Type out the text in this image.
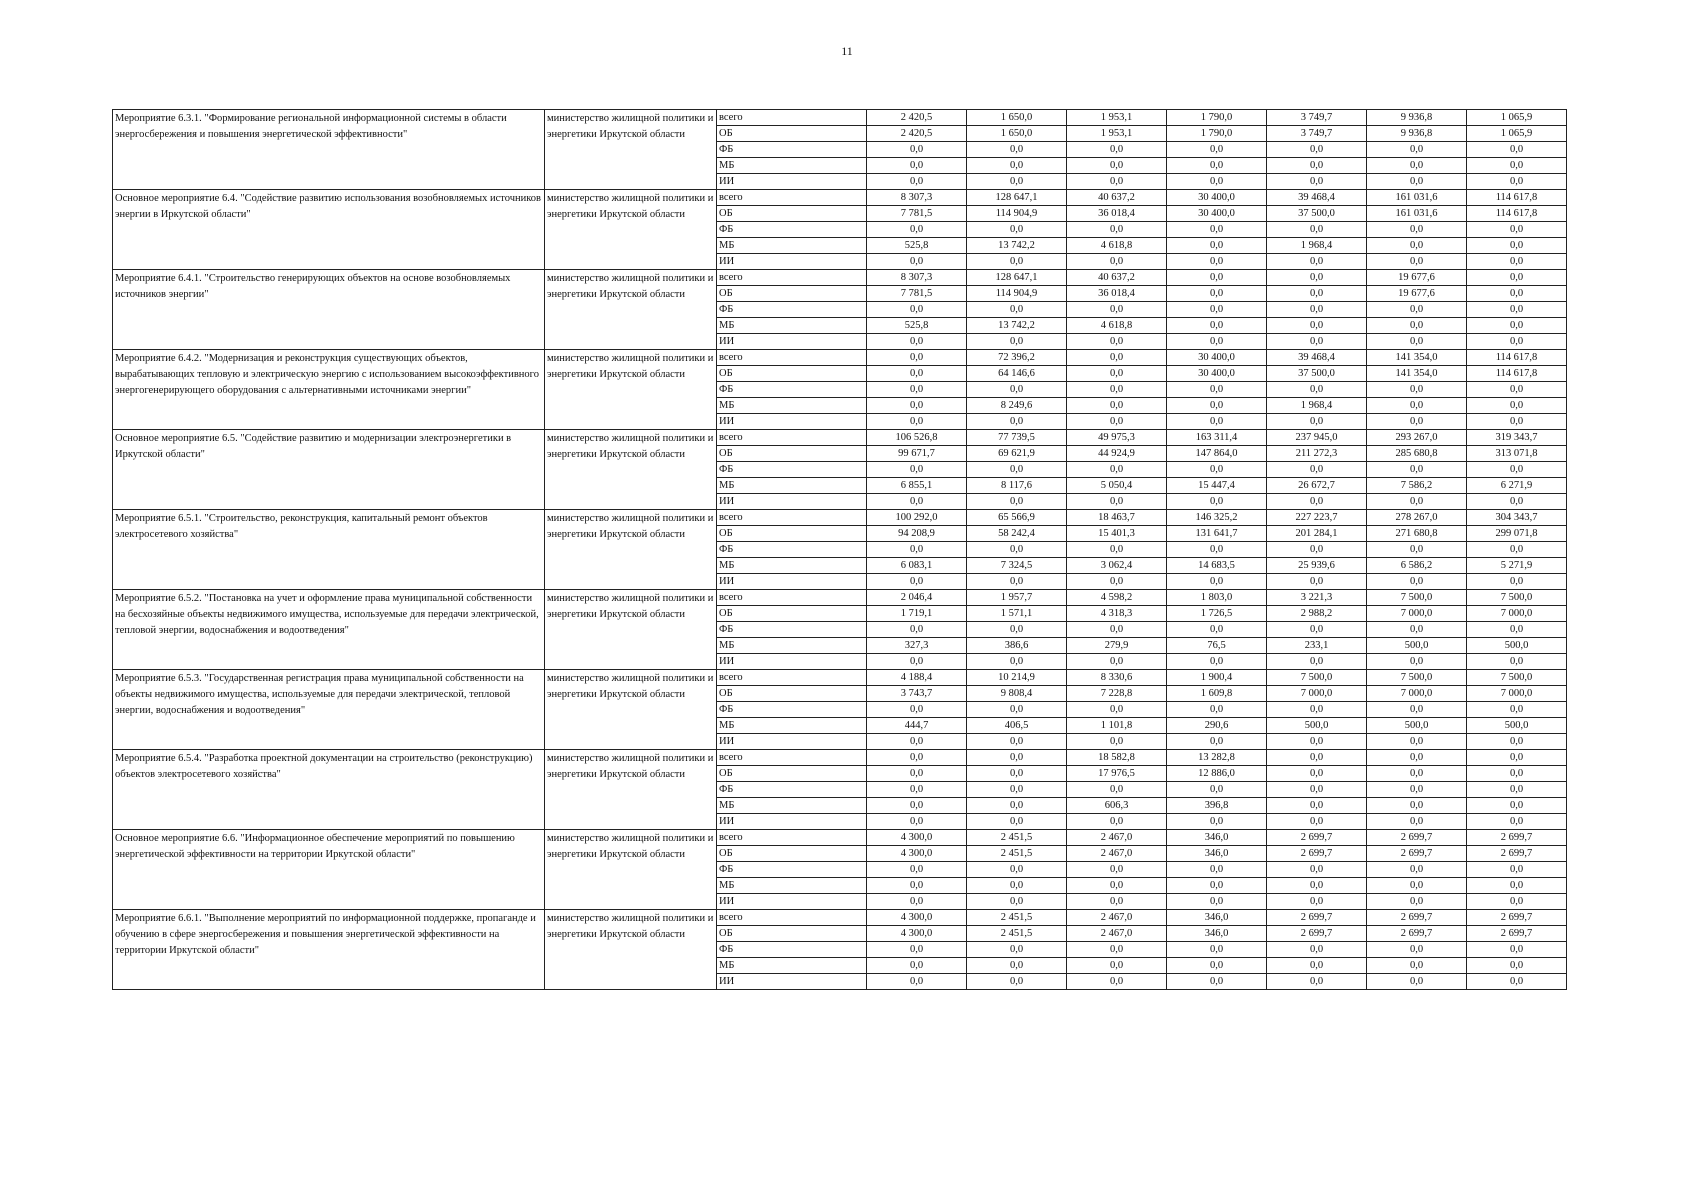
11
Мероприятие 6.3.1. "Формирование региональной информационной системы в области энергосбережения и повышения энергетической эффективности"	министерство жилищной политики и энергетики Иркутской области	всего	2 420,5	1 650,0	1 953,1	1 790,0	3 749,7	9 936,8	1 065,9
		ОБ	2 420,5	1 650,0	1 953,1	1 790,0	3 749,7	9 936,8	1 065,9
		ФБ	0,0	0,0	0,0	0,0	0,0	0,0	0,0
		МБ	0,0	0,0	0,0	0,0	0,0	0,0	0,0
		ИИ	0,0	0,0	0,0	0,0	0,0	0,0	0,0
Основное мероприятие 6.4. "Содействие развитию использования возобновляемых источников энергии в Иркутской области"	министерство жилищной политики и энергетики Иркутской области	всего	8 307,3	128 647,1	40 637,2	30 400,0	39 468,4	161 031,6	114 617,8
		ОБ	7 781,5	114 904,9	36 018,4	30 400,0	37 500,0	161 031,6	114 617,8
		ФБ	0,0	0,0	0,0	0,0	0,0	0,0	0,0
		МБ	525,8	13 742,2	4 618,8	0,0	1 968,4	0,0	0,0
		ИИ	0,0	0,0	0,0	0,0	0,0	0,0	0,0
Мероприятие 6.4.1. "Строительство генерирующих объектов на основе возобновляемых источников энергии"	министерство жилищной политики и энергетики Иркутской области	всего	8 307,3	128 647,1	40 637,2	0,0	0,0	19 677,6	0,0
		ОБ	7 781,5	114 904,9	36 018,4	0,0	0,0	19 677,6	0,0
		ФБ	0,0	0,0	0,0	0,0	0,0	0,0	0,0
		МБ	525,8	13 742,2	4 618,8	0,0	0,0	0,0	0,0
		ИИ	0,0	0,0	0,0	0,0	0,0	0,0	0,0
Мероприятие 6.4.2. "Модернизация и реконструкция существующих объектов, вырабатывающих тепловую и электрическую энергию с использованием высокоэффективного энергогенерирующего оборудования с альтернативными источниками энергии"	министерство жилищной политики и энергетики Иркутской области	всего	0,0	72 396,2	0,0	30 400,0	39 468,4	141 354,0	114 617,8
		ОБ	0,0	64 146,6	0,0	30 400,0	37 500,0	141 354,0	114 617,8
		ФБ	0,0	0,0	0,0	0,0	0,0	0,0	0,0
		МБ	0,0	8 249,6	0,0	0,0	1 968,4	0,0	0,0
		ИИ	0,0	0,0	0,0	0,0	0,0	0,0	0,0
Основное мероприятие 6.5. "Содействие развитию и модернизации электроэнергетики в Иркутской области"	министерство жилищной политики и энергетики Иркутской области	всего	106 526,8	77 739,5	49 975,3	163 311,4	237 945,0	293 267,0	319 343,7
		ОБ	99 671,7	69 621,9	44 924,9	147 864,0	211 272,3	285 680,8	313 071,8
		ФБ	0,0	0,0	0,0	0,0	0,0	0,0	0,0
		МБ	6 855,1	8 117,6	5 050,4	15 447,4	26 672,7	7 586,2	6 271,9
		ИИ	0,0	0,0	0,0	0,0	0,0	0,0	0,0
Мероприятие 6.5.1. "Строительство, реконструкция, капитальный ремонт объектов электросетевого хозяйства"	министерство жилищной политики и энергетики Иркутской области	всего	100 292,0	65 566,9	18 463,7	146 325,2	227 223,7	278 267,0	304 343,7
		ОБ	94 208,9	58 242,4	15 401,3	131 641,7	201 284,1	271 680,8	299 071,8
		ФБ	0,0	0,0	0,0	0,0	0,0	0,0	0,0
		МБ	6 083,1	7 324,5	3 062,4	14 683,5	25 939,6	6 586,2	5 271,9
		ИИ	0,0	0,0	0,0	0,0	0,0	0,0	0,0
Мероприятие 6.5.2. "Постановка на учет и оформление права муниципальной собственности на бесхозяйные объекты недвижимого имущества, используемые для передачи электрической, тепловой энергии, водоснабжения и водоотведения"	министерство жилищной политики и энергетики Иркутской области	всего	2 046,4	1 957,7	4 598,2	1 803,0	3 221,3	7 500,0	7 500,0
		ОБ	1 719,1	1 571,1	4 318,3	1 726,5	2 988,2	7 000,0	7 000,0
		ФБ	0,0	0,0	0,0	0,0	0,0	0,0	0,0
		МБ	327,3	386,6	279,9	76,5	233,1	500,0	500,0
		ИИ	0,0	0,0	0,0	0,0	0,0	0,0	0,0
Мероприятие 6.5.3. "Государственная регистрация права муниципальной собственности на объекты недвижимого имущества, используемые для передачи электрической, тепловой энергии, водоснабжения и водоотведения"	министерство жилищной политики и энергетики Иркутской области	всего	4 188,4	10 214,9	8 330,6	1 900,4	7 500,0	7 500,0	7 500,0
		ОБ	3 743,7	9 808,4	7 228,8	1 609,8	7 000,0	7 000,0	7 000,0
		ФБ	0,0	0,0	0,0	0,0	0,0	0,0	0,0
		МБ	444,7	406,5	1 101,8	290,6	500,0	500,0	500,0
		ИИ	0,0	0,0	0,0	0,0	0,0	0,0	0,0
Мероприятие 6.5.4. "Разработка проектной документации на строительство (реконструкцию) объектов электросетевого хозяйства"	министерство жилищной политики и энергетики Иркутской области	всего	0,0	0,0	18 582,8	13 282,8	0,0	0,0	0,0
		ОБ	0,0	0,0	17 976,5	12 886,0	0,0	0,0	0,0
		ФБ	0,0	0,0	0,0	0,0	0,0	0,0	0,0
		МБ	0,0	0,0	606,3	396,8	0,0	0,0	0,0
		ИИ	0,0	0,0	0,0	0,0	0,0	0,0	0,0
Основное мероприятие 6.6. "Информационное обеспечение мероприятий по повышению энергетической эффективности на территории Иркутской области"	министерство жилищной политики и энергетики Иркутской области	всего	4 300,0	2 451,5	2 467,0	346,0	2 699,7	2 699,7	2 699,7
		ОБ	4 300,0	2 451,5	2 467,0	346,0	2 699,7	2 699,7	2 699,7
		ФБ	0,0	0,0	0,0	0,0	0,0	0,0	0,0
		МБ	0,0	0,0	0,0	0,0	0,0	0,0	0,0
		ИИ	0,0	0,0	0,0	0,0	0,0	0,0	0,0
Мероприятие 6.6.1. "Выполнение мероприятий по информационной поддержке, пропаганде и обучению в сфере энергосбережения и повышения энергетической эффективности на территории Иркутской области"	министерство жилищной политики и энергетики Иркутской области	всего	4 300,0	2 451,5	2 467,0	346,0	2 699,7	2 699,7	2 699,7
		ОБ	4 300,0	2 451,5	2 467,0	346,0	2 699,7	2 699,7	2 699,7
		ФБ	0,0	0,0	0,0	0,0	0,0	0,0	0,0
		МБ	0,0	0,0	0,0	0,0	0,0	0,0	0,0
		ИИ	0,0	0,0	0,0	0,0	0,0	0,0	0,0
